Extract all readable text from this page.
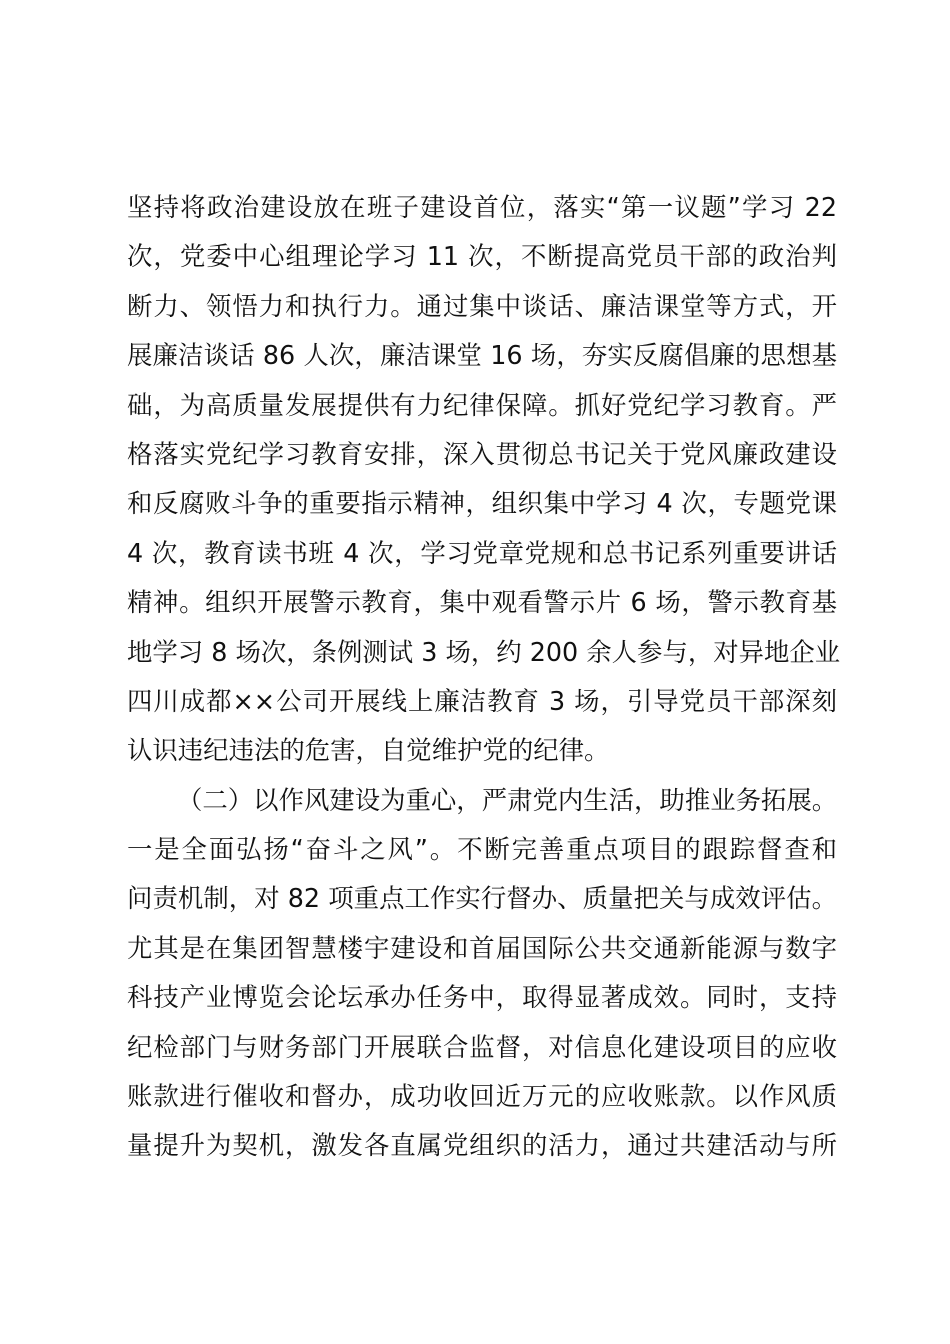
坚持将政治建设放在班子建设首位，落实“第一议题”学习 22
次，党委中心组理论学习 11 次，不断提高党员干部的政治判
断力、领悟力和执行力。通过集中谈话、廉洁课堂等方式，开
展廉洁谈话 86 人次，廉洁课堂 16 场，夯实反腐倡廉的思想基
础，为高质量发展提供有力纪律保障。抓好党纪学习教育。严
格落实党纪学习教育安排，深入贯彻总书记关于党风廉政建设
和反腐败斗争的重要指示精神，组织集中学习 4 次，专题党课
4 次，教育读书班 4 次，学习党章党规和总书记系列重要讲话
精神。组织开展警示教育，集中观看警示片 6 场，警示教育基
地学习 8 场次，条例测试 3 场，约 200 余人参与，对异地企业
四川成都××公司开展线上廉洁教育 3 场，引导党员干部深刻
认识违纪违法的危害，自觉维护党的纪律。
（二）以作风建设为重心，严肃党内生活，助推业务拓展。
一是全面弘扬“奋斗之风”。不断完善重点项目的跟踪督查和
问责机制，对 82 项重点工作实行督办、质量把关与成效评估。
尤其是在集团智慧楼宇建设和首届国际公共交通新能源与数字
科技产业博览会论坛承办任务中，取得显著成效。同时，支持
纪检部门与财务部门开展联合监督，对信息化建设项目的应收
账款进行催收和督办，成功收回近万元的应收账款。以作风质
量提升为契机，激发各直属党组织的活力，通过共建活动与所
